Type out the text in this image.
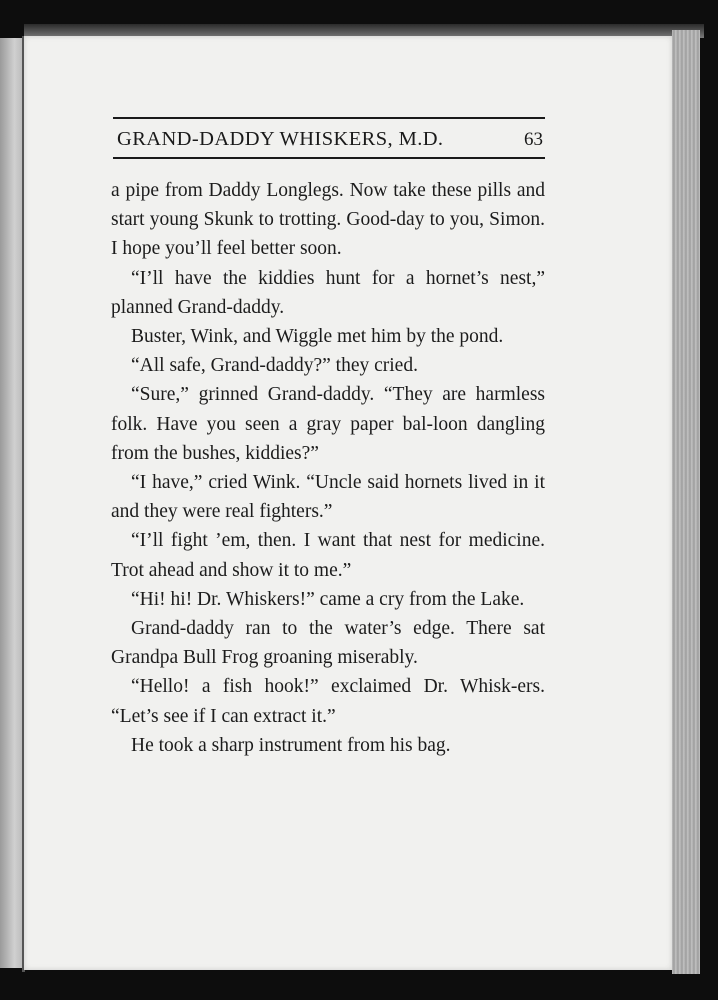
GRAND-DADDY WHISKERS, M.D.	63

a pipe from Daddy Longlegs. Now take these pills and start young Skunk to trotting. Good-day to you, Simon. I hope you’ll feel better soon.

“I’ll have the kiddies hunt for a hornet’s nest,” planned Grand-daddy.

Buster, Wink, and Wiggle met him by the pond.

“All safe, Grand-daddy?” they cried.

“Sure,” grinned Grand-daddy. “They are harmless folk. Have you seen a gray paper bal-loon dangling from the bushes, kiddies?”

“I have,” cried Wink. “Uncle said hornets lived in it and they were real fighters.”

“I’ll fight ’em, then. I want that nest for medicine. Trot ahead and show it to me.”

“Hi! hi! Dr. Whiskers!” came a cry from the Lake.

Grand-daddy ran to the water’s edge. There sat Grandpa Bull Frog groaning miserably.

“Hello! a fish hook!” exclaimed Dr. Whisk-ers. “Let’s see if I can extract it.”

He took a sharp instrument from his bag.
